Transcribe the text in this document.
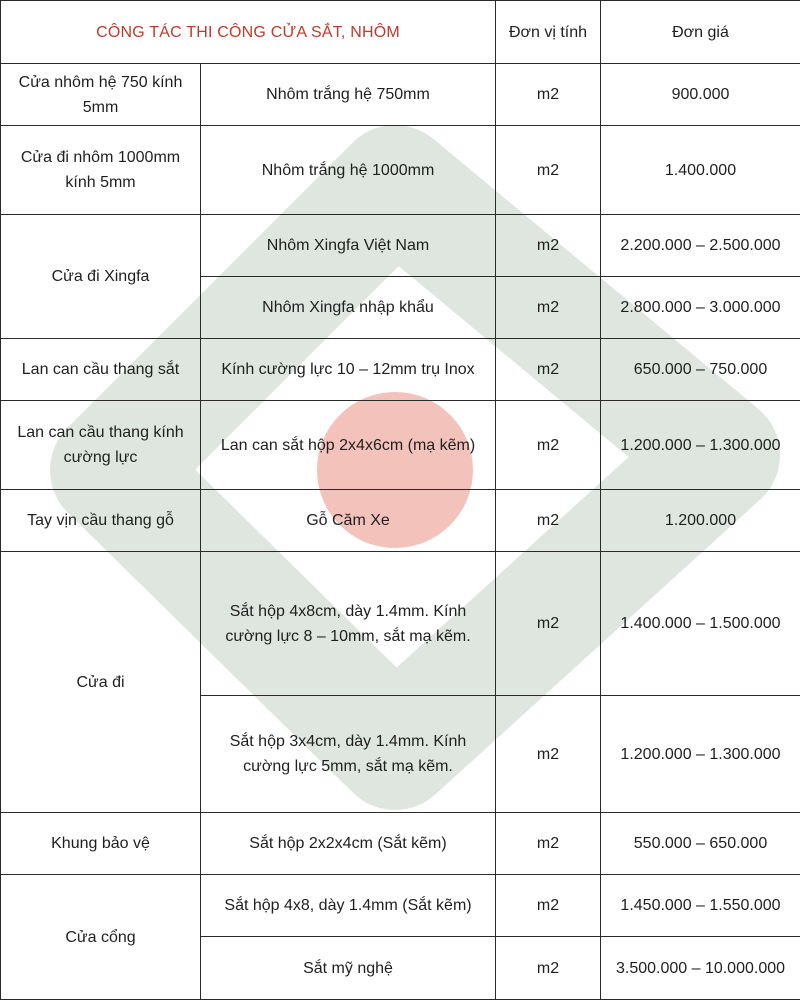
CÔNG TÁC THI CÔNG CỬA SẮT, NHÔM		Đơn vị tính	Đơn giá
Cửa nhôm hệ 750 kính 5mm	Nhôm trắng hệ 750mm	m2	900.000
Cửa đi nhôm 1000mm kính 5mm	Nhôm trắng hệ 1000mm	m2	1.400.000
Cửa đi Xingfa	Nhôm Xingfa Việt Nam	m2	2.200.000 – 2.500.000
	Nhôm Xingfa nhập khẩu	m2	2.800.000 – 3.000.000
Lan can cầu thang sắt	Kính cường lực 10 – 12mm trụ Inox	m2	650.000 – 750.000
Lan can cầu thang kính cường lực	Lan can sắt hộp 2x4x6cm (mạ kẽm)	m2	1.200.000 – 1.300.000
Tay vịn cầu thang gỗ	Gỗ Căm Xe	m2	1.200.000
Cửa đi	Sắt hộp 4x8cm, dày 1.4mm. Kính cường lực 8 – 10mm, sắt mạ kẽm.	m2	1.400.000 – 1.500.000
	Sắt hộp 3x4cm, dày 1.4mm. Kính cường lực 5mm, sắt mạ kẽm.	m2	1.200.000 – 1.300.000
Khung bảo vệ	Sắt hộp 2x2x4cm (Sắt kẽm)	m2	550.000 – 650.000
Cửa cổng	Sắt hộp 4x8, dày 1.4mm (Sắt kẽm)	m2	1.450.000 – 1.550.000
	Sắt mỹ nghệ	m2	3.500.000 – 10.000.000
